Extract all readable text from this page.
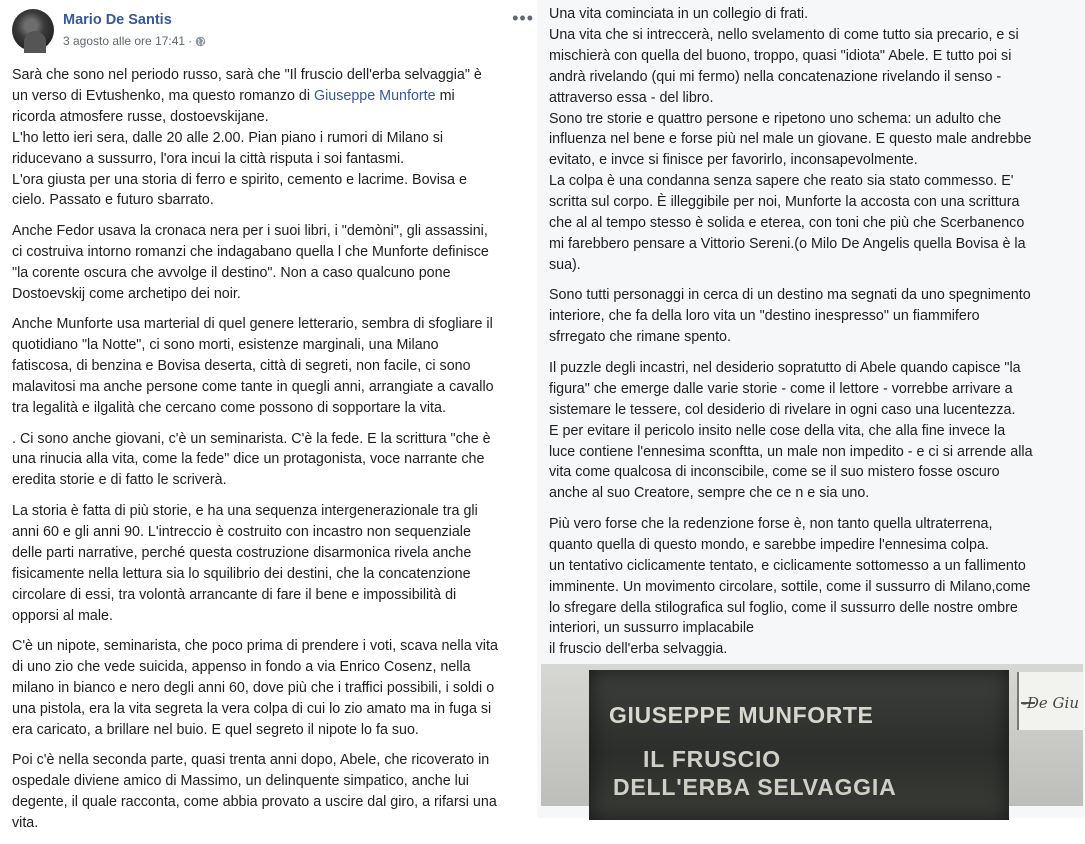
Mario De Santis
3 agosto alle ore 17:41 ·
•••

Sarà che sono nel periodo russo, sarà che "Il fruscio dell'erba selvaggia" è
un verso di Evtushenko, ma questo romanzo di Giuseppe Munforte mi
ricorda atmosfere russe, dostoevskijane.
L'ho letto ieri sera, dalle 20 alle 2.00. Pian piano i rumori di Milano si
riducevano a sussurro, l'ora incui la città risputa i soi fantasmi.
L'ora giusta per una storia di ferro e spirito, cemento e lacrime. Bovisa e
cielo. Passato e futuro sbarrato.

Anche Fedor usava la cronaca nera per i suoi libri, i "demòni", gli assassini,
ci costruiva intorno romanzi che indagabano quella l che Munforte definisce
"la corente oscura che avvolge il destino". Non a caso qualcuno pone
Dostoevskij come archetipo dei noir.

Anche Munforte usa marterial di quel genere letterario, sembra di sfogliare il
quotidiano "la Notte", ci sono morti, esistenze marginali, una Milano
fatiscosa, di benzina e Bovisa deserta, città di segreti, non facile, ci sono
malavitosi ma anche persone come tante in quegli anni, arrangiate a cavallo
tra legalità e ilgalità che cercano come possono di sopportare la vita.

. Ci sono anche giovani, c'è un seminarista. C'è la fede. E la scrittura "che è
una rinucia alla vita, come la fede" dice un protagonista, voce narrante che
eredita storie e di fatto le scriverà.

La storia è fatta di più storie, e ha una sequenza intergenerazionale tra gli
anni 60 e gli anni 90. L'intreccio è costruito con incastro non sequenziale
delle parti narrative, perché questa costruzione disarmonica rivela anche
fisicamente nella lettura sia lo squilibrio dei destini, che la concatenzione
circolare di essi, tra volontà arrancante di fare il bene e impossibilità di
opporsi al male.

C'è un nipote, seminarista, che poco prima di prendere i voti, scava nella vita
di uno zio che vede suicida, appenso in fondo a via Enrico Cosenz, nella
milano in bianco e nero degli anni 60, dove più che i traffici possibili, i soldi o
una pistola, era la vita segreta la vera colpa di cui lo zio amato ma in fuga si
era caricato, a brillare nel buio. E quel segreto il nipote lo fa suo.

Poi c'è nella seconda parte, quasi trenta anni dopo, Abele, che ricoverato in
ospedale diviene amico di Massimo, un delinquente simpatico, anche lui
degente, il quale racconta, come abbia provato a uscire dal giro, a rifarsi una
vita.

Una vita cominciata in un collegio di frati.
Una vita che si intreccerà, nello svelamento di come tutto sia precario, e si
mischierà con quella del buono, troppo, quasi "idiota" Abele. E tutto poi si
andrà rivelando (qui mi fermo) nella concatenazione rivelando il senso -
attraverso essa - del libro.
Sono tre storie e quattro persone e ripetono uno schema: un adulto che
influenza nel bene e forse più nel male un giovane. E questo male andrebbe
evitato, e invce si finisce per favorirlo, inconsapevolmente.
La colpa è una condanna senza sapere che reato sia stato commesso. E'
scritta sul corpo. È illeggibile per noi, Munforte la accosta con una scrittura
che al al tempo stesso è solida e eterea, con toni che più che Scerbanenco
mi farebbero pensare a Vittorio Sereni.(o Milo De Angelis quella Bovisa è la
sua).

Sono tutti personaggi in cerca di un destino ma segnati da uno spegnimento
interiore, che fa della loro vita un "destino inespresso" un fiammifero
sfrregato che rimane spento.

Il puzzle degli incastri, nel desiderio sopratutto di Abele quando capisce "la
figura" che emerge dalle varie storie - come il lettore - vorrebbe arrivare a
sistemare le tessere, col desiderio di rivelare in ogni caso una lucentezza.
E per evitare il pericolo insito nelle cose della vita, che alla fine invece la
luce contiene l'ennesima sconftta, un male non impedito - e ci si arrende alla
vita come qualcosa di inconscibile, come se il suo mistero fosse oscuro
anche al suo Creatore, sempre che ce n e sia uno.

Più vero forse che la redenzione forse è, non tanto quella ultraterrena,
quanto quella di questo mondo, e sarebbe impedire l'ennesima colpa.
un tentativo ciclicamente tentato, e ciclicamente sottomesso a un fallimento
imminente. Un movimento circolare, sottile, come il sussurro di Milano,come
lo sfregare della stilografica sul foglio, come il sussurro delle nostre ombre
interiori, un sussurro implacabile
il fruscio dell'erba selvaggia.

GIUSEPPE MUNFORTE
IL FRUSCIO
DELL'ERBA SELVAGGIA
-De Giu
